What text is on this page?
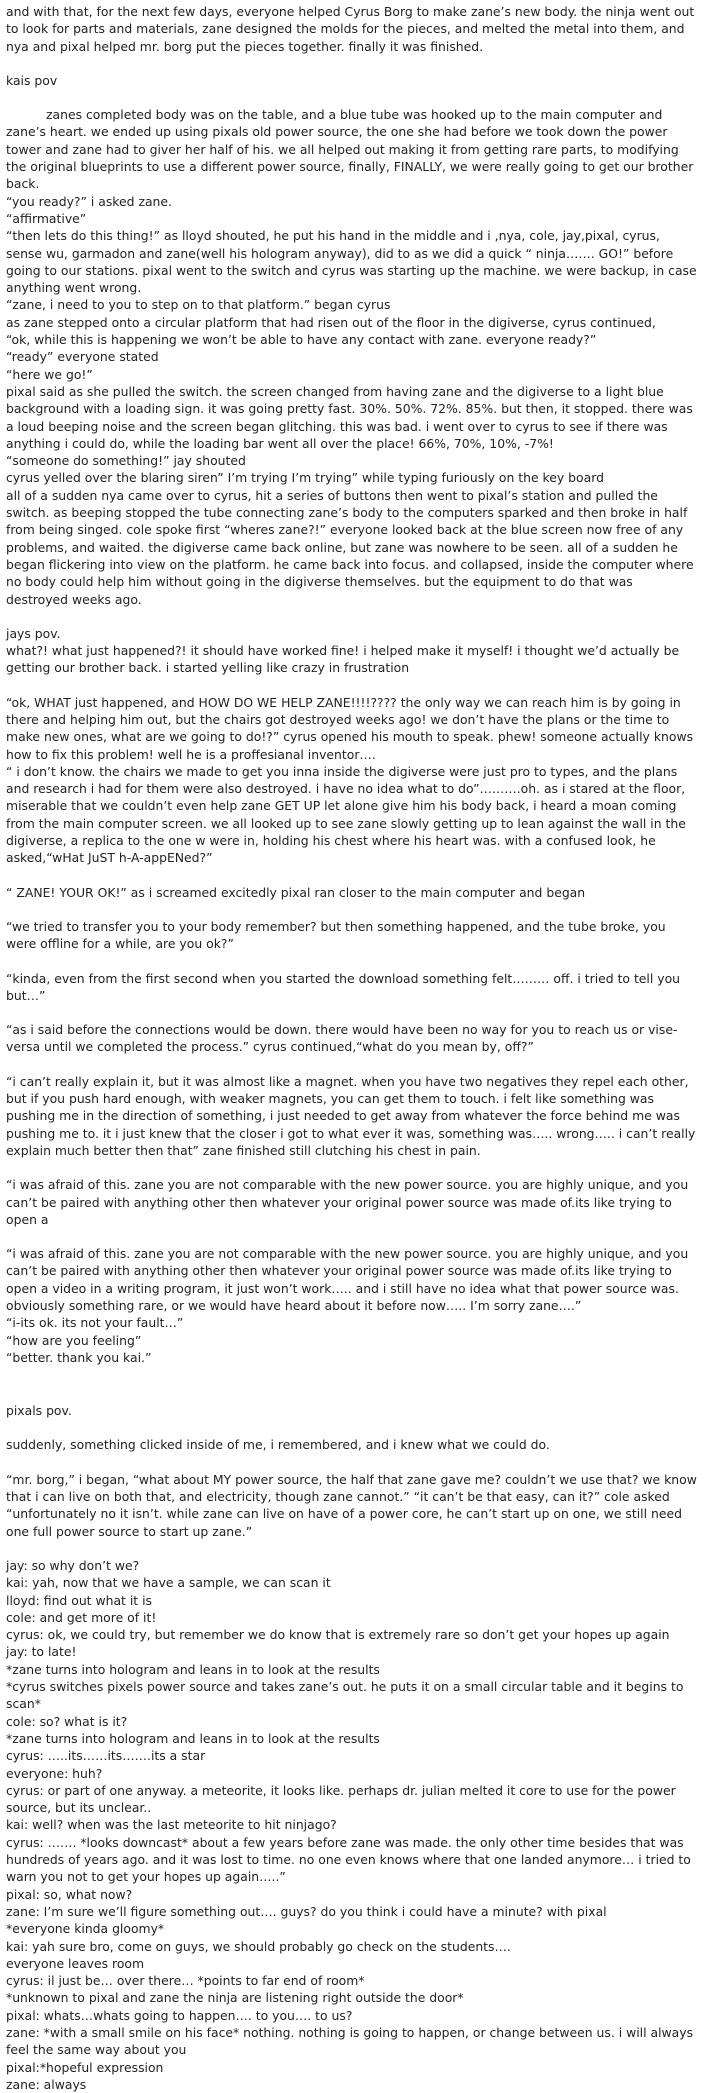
and with that, for the next few days, everyone helped Cyrus Borg to make zane’s new body. the ninja went out to look for parts and materials, zane designed the molds for the pieces, and melted the metal into them, and nya and pixal helped mr. borg put the pieces together. finally it was finished.
kais pov
zanes completed body was on the table, and a blue tube was hooked up to the main computer and zane’s heart. we ended up using pixals old power source, the one she had before we took down the power tower and zane had to giver her half of his. we all helped out making it from getting rare parts, to modifying the original blueprints to use a different power source, finally, FINALLY, we were really going to get our brother back.
“you ready?” i asked zane.
“affirmative”
“then lets do this thing!” as lloyd shouted, he put his hand in the middle and i ,nya, cole, jay,pixal, cyrus, sense wu, garmadon and zane(well his hologram anyway), did to as we did a quick “ ninja……. GO!” before going to our stations. pixal went to the switch and cyrus was starting up the machine. we were backup, in case anything went wrong.
“zane, i need to you to step on to that platform.” began cyrus
as zane stepped onto a circular platform that had risen out of the floor in the digiverse, cyrus continued,
“ok, while this is happening we won’t be able to have any contact with zane. everyone ready?”
“ready” everyone stated
“here we go!”
pixal said as she pulled the switch. the screen changed from having zane and the digiverse to a light blue background with a loading sign. it was going pretty fast. 30%. 50%. 72%. 85%. but then, it stopped. there was a loud beeping noise and the screen began glitching. this was bad. i went over to cyrus to see if there was anything i could do, while the loading bar went all over the place! 66%, 70%, 10%, -7%!
“someone do something!” jay shouted
cyrus yelled over the blaring siren” I’m trying I’m trying” while typing furiously on the key board
all of a sudden nya came over to cyrus, hit a series of buttons then went to pixal’s station and pulled the switch. as beeping stopped the tube connecting zane’s body to the computers sparked and then broke in half from being singed. cole spoke first “wheres zane?!” everyone looked back at the blue screen now free of any problems, and waited. the digiverse came back online, but zane was nowhere to be seen. all of a sudden he began flickering into view on the platform. he came back into focus. and collapsed, inside the computer where no body could help him without going in the digiverse themselves. but the equipment to do that was destroyed weeks ago.
jays pov.
what?! what just happened?! it should have worked fine! i helped make it myself! i thought we’d actually be getting our brother back. i started yelling like crazy in frustration
“ok, WHAT just happened, and HOW DO WE HELP ZANE!!!!???? the only way we can reach him is by going in there and helping him out, but the chairs got destroyed weeks ago! we don’t have the plans or the time to make new ones, what are we going to do!?” cyrus opened his mouth to speak. phew! someone actually knows how to fix this problem! well he is a proffesianal inventor….
“ i don’t know. the chairs we made to get you inna inside the digiverse were just pro to types, and the plans and research i had for them were also destroyed. i have no idea what to do”……….oh. as i stared at the floor, miserable that we couldn’t even help zane GET UP let alone give him his body back, i heard a moan coming from the main computer screen. we all looked up to see zane slowly getting up to lean against the wall in the digiverse, a replica to the one w were in, holding his chest where his heart was. with a confused look, he asked,“wHat JuST h-A-appENed?”
“ ZANE! YOUR OK!” as i screamed excitedly pixal ran closer to the main computer and began
“we tried to transfer you to your body remember? but then something happened, and the tube broke, you were offline for a while, are you ok?”
“kinda, even from the first second when you started the download something felt……… off. i tried to tell you but…”
“as i said before the connections would be down. there would have been no way for you to reach us or vise-versa until we completed the process.” cyrus continued,“what do you mean by, off?”
“i can’t really explain it, but it was almost like a magnet. when you have two negatives they repel each other, but if you push hard enough, with weaker magnets, you can get them to touch. i felt like something was pushing me in the direction of something, i just needed to get away from whatever the force behind me was pushing me to. it i just knew that the closer i got to what ever it was, something was….. wrong….. i can’t really explain much better then that” zane finished still clutching his chest in pain.
“i was afraid of this. zane you are not comparable with the new power source. you are highly unique, and you can’t be paired with anything other then whatever your original power source was made of.its like trying to open a
“i was afraid of this. zane you are not comparable with the new power source. you are highly unique, and you can’t be paired with anything other then whatever your original power source was made of.its like trying to open a video in a writing program, it just won’t work….. and i still have no idea what that power source was. obviously something rare, or we would have heard about it before now….. I’m sorry zane….”
“i-its ok. its not your fault…”
“how are you feeling”
“better. thank you kai.”
pixals pov.
suddenly, something clicked inside of me, i remembered, and i knew what we could do.
“mr. borg,” i began, “what about MY power source, the half that zane gave me? couldn’t we use that? we know that i can live on both that, and electricity, though zane cannot.” “it can’t be that easy, can it?” cole asked “unfortunately no it isn’t. while zane can live on have of a power core, he can’t start up on one, we still need one full power source to start up zane.”
jay: so why don’t we?
kai: yah, now that we have a sample, we can scan it
lloyd: find out what it is
cole: and get more of it!
cyrus: ok, we could try, but remember we do know that is extremely rare so don’t get your hopes up again
jay: to late!
*zane turns into hologram and leans in to look at the results
*cyrus switches pixels power source and takes zane’s out. he puts it on a small circular table and it begins to scan*
cole: so? what is it?
*zane turns into hologram and leans in to look at the results
cyrus: …..its……its…….its a star
everyone: huh?
cyrus: or part of one anyway. a meteorite, it looks like. perhaps dr. julian melted it core to use for the power source, but its unclear..
kai: well? when was the last meteorite to hit ninjago?
cyrus: ……. *looks downcast* about a few years before zane was made. the only other time besides that was hundreds of years ago. and it was lost to time. no one even knows where that one landed anymore… i tried to warn you not to get your hopes up again…..”
pixal: so, what now?
zane: I’m sure we’ll figure something out…. guys? do you think i could have a minute? with pixal
*everyone kinda gloomy*
kai: yah sure bro, come on guys, we should probably go check on the students….
everyone leaves room
cyrus: il just be… over there… *points to far end of room*
*unknown to pixal and zane the ninja are listening right outside the door*
pixal: whats…whats going to happen…. to you…. to us?
zane: *with a small smile on his face* nothing. nothing is going to happen, or change between us. i will always feel the same way about you
pixal:*hopeful expression
zane: always
